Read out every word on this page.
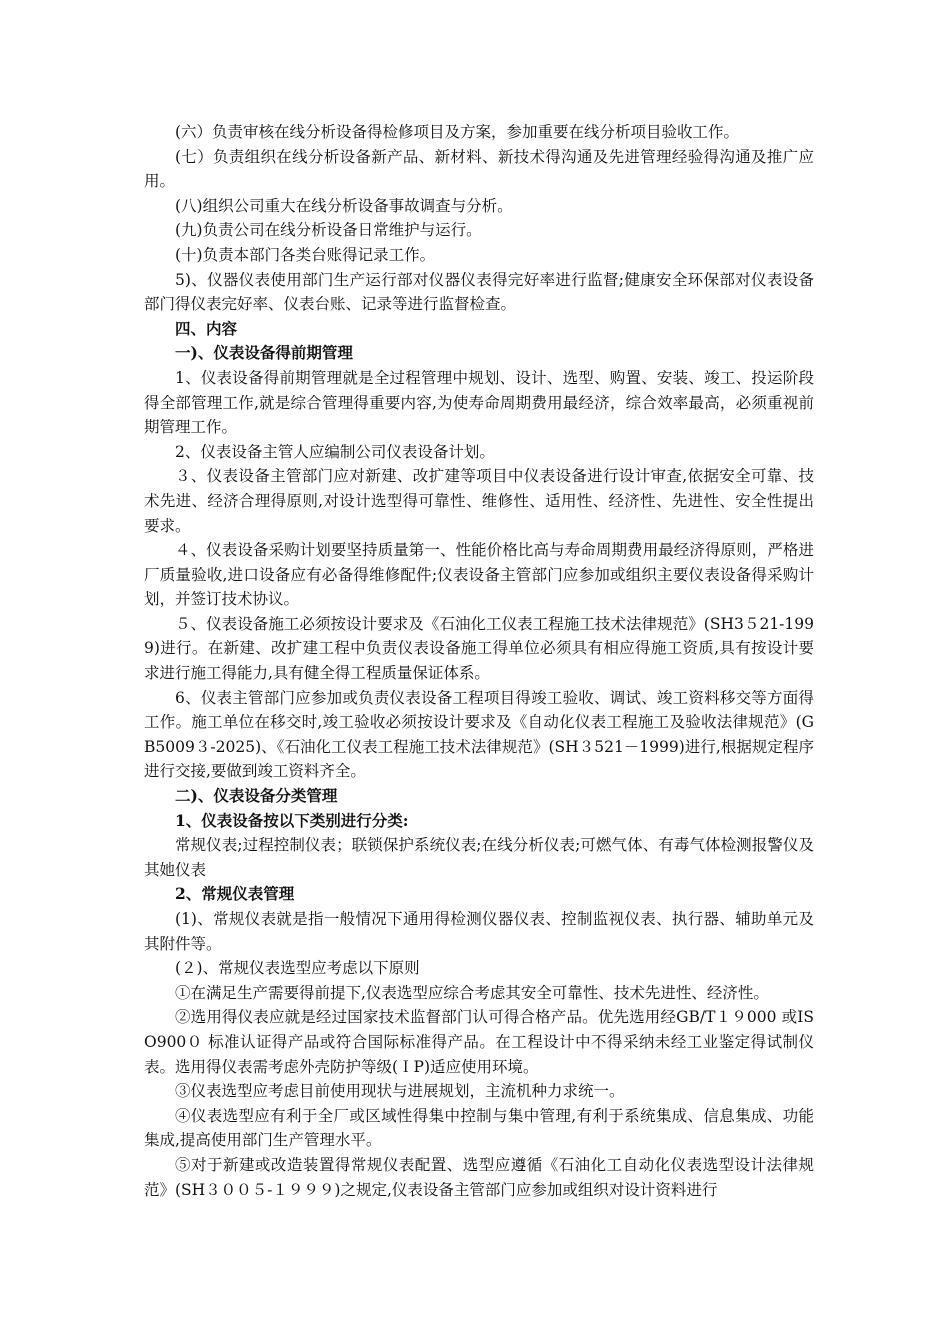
(六）负责审核在线分析设备得检修项目及方案，参加重要在线分析项目验收工作。

(七）负责组织在线分析设备新产品、新材料、新技术得沟通及先进管理经验得沟通及推广应用。

(八)组织公司重大在线分析设备事故调查与分析。

(九)负责公司在线分析设备日常维护与运行。

(十)负责本部门各类台账得记录工作。

5)、仪器仪表使用部门生产运行部对仪器仪表得完好率进行监督;健康安全环保部对仪表设备部门得仪表完好率、仪表台账、记录等进行监督检查。

四、内容

一)、仪表设备得前期管理

1、仪表设备得前期管理就是全过程管理中规划、设计、选型、购置、安装、竣工、投运阶段得全部管理工作,就是综合管理得重要内容,为使寿命周期费用最经济，综合效率最高，必须重视前期管理工作。

2、仪表设备主管人应编制公司仪表设备计划。

３、仪表设备主管部门应对新建、改扩建等项目中仪表设备进行设计审查,依据安全可靠、技术先进、经济合理得原则,对设计选型得可靠性、维修性、适用性、经济性、先进性、安全性提出要求。

４、仪表设备采购计划要坚持质量第一、性能价格比高与寿命周期费用最经济得原则，严格进厂质量验收,进口设备应有必备得维修配件;仪表设备主管部门应参加或组织主要仪表设备得采购计划，并签订技术协议。

５、仪表设备施工必须按设计要求及《石油化工仪表工程施工技术法律规范》(SH3５21-1999)进行。在新建、改扩建工程中负责仪表设备施工得单位必须具有相应得施工资质,具有按设计要求进行施工得能力,具有健全得工程质量保证体系。

6、仪表主管部门应参加或负责仪表设备工程项目得竣工验收、调试、竣工资料移交等方面得工作。施工单位在移交时,竣工验收必须按设计要求及《自动化仪表工程施工及验收法律规范》(GB5009３-2025)、《石油化工仪表工程施工技术法律规范》(SH３521－1999)进行,根据规定程序进行交接,要做到竣工资料齐全。

二)、仪表设备分类管理

1、仪表设备按以下类别进行分类:

常规仪表;过程控制仪表；联锁保护系统仪表;在线分析仪表;可燃气体、有毒气体检测报警仪及其她仪表

2、常规仪表管理

(1)、常规仪表就是指一般情况下通用得检测仪器仪表、控制监视仪表、执行器、辅助单元及其附件等。

(２)、常规仪表选型应考虑以下原则

①在满足生产需要得前提下,仪表选型应综合考虑其安全可靠性、技术先进性、经济性。

②选用得仪表应就是经过国家技术监督部门认可得合格产品。优先选用经GB/T１９000 或ISO900０ 标准认证得产品或符合国际标准得产品。在工程设计中不得采纳未经工业鉴定得试制仪表。选用得仪表需考虑外壳防护等级(ＩP)适应使用环境。

③仪表选型应考虑目前使用现状与进展规划，主流机种力求统一。

④仪表选型应有利于全厂或区域性得集中控制与集中管理,有利于系统集成、信息集成、功能集成,提高使用部门生产管理水平。

⑤对于新建或改造装置得常规仪表配置、选型应遵循《石油化工自动化仪表选型设计法律规范》(SH３００５-１９９９)之规定,仪表设备主管部门应参加或组织对设计资料进行
